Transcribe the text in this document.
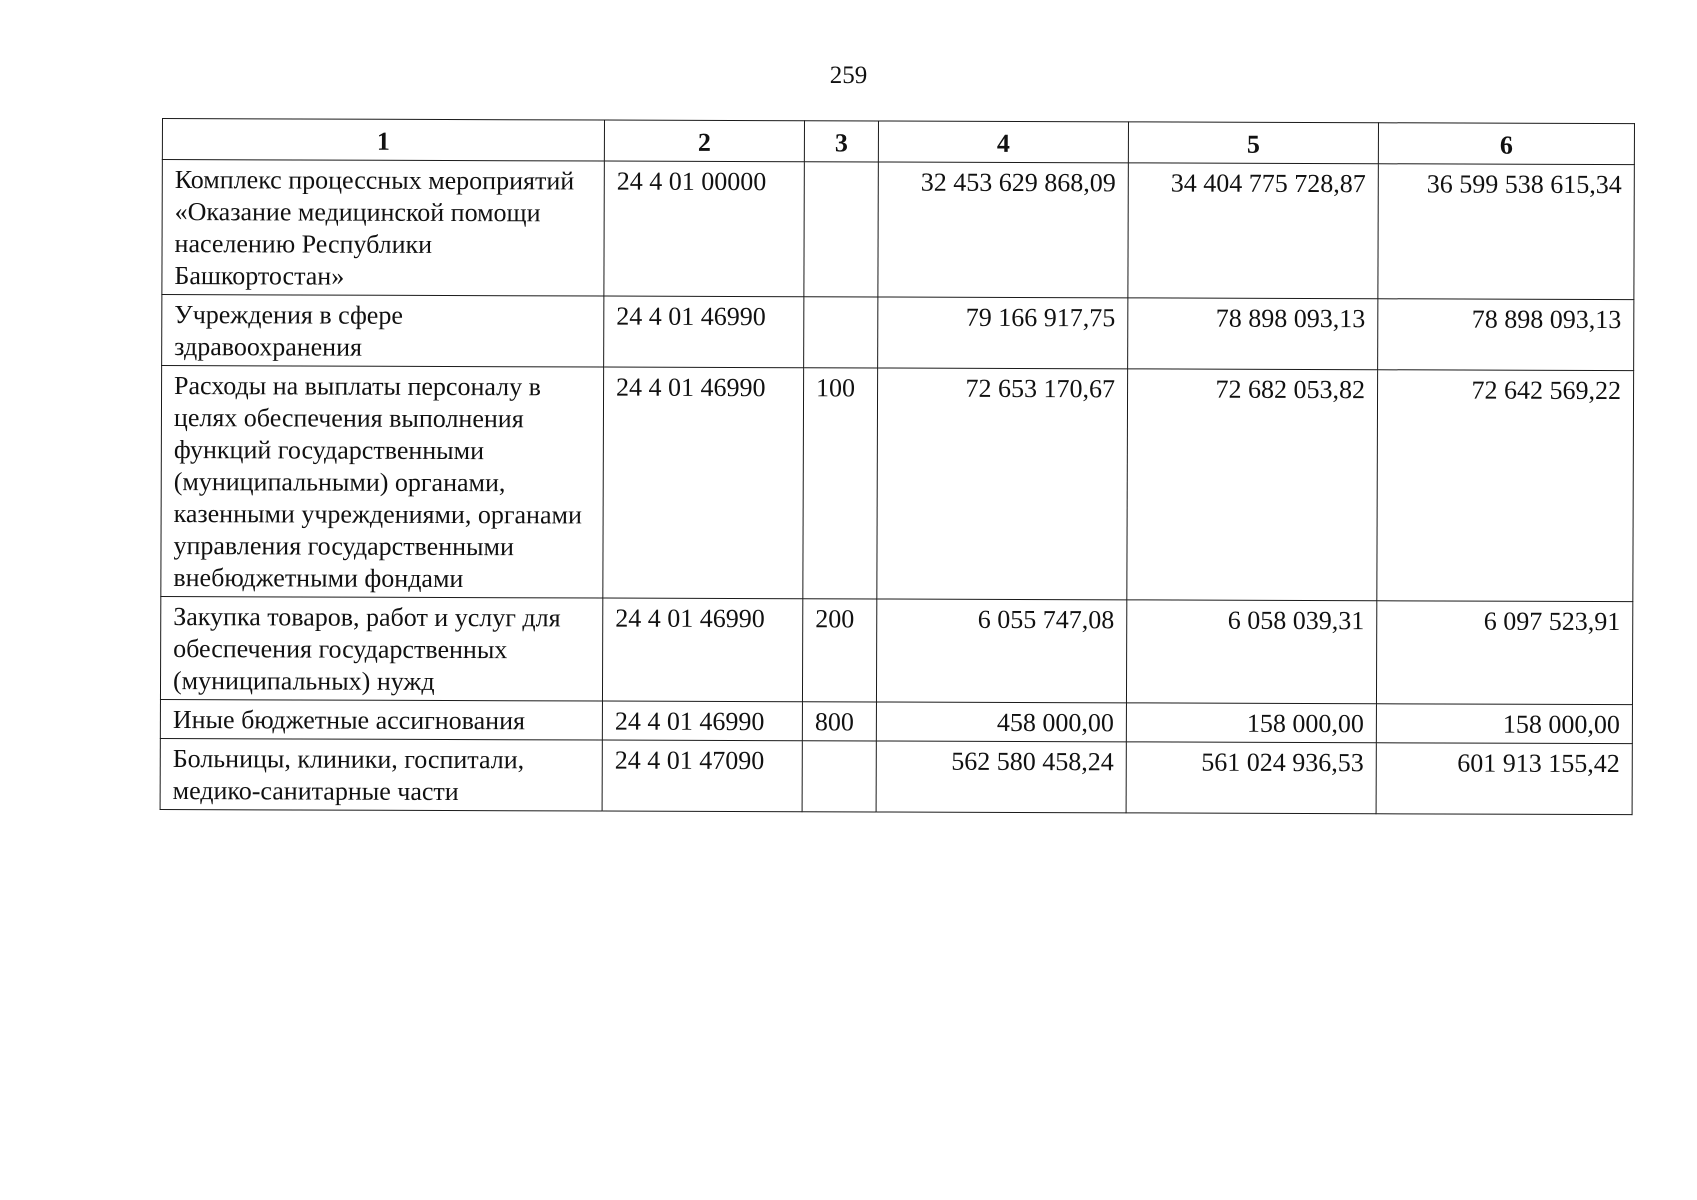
259
1	2	3	4	5	6
Комплекс процессных мероприятий «Оказание медицинской помощи населению Республики Башкортостан»	24 4 01 00000		32 453 629 868,09	34 404 775 728,87	36 599 538 615,34
Учреждения в сфере здравоохранения	24 4 01 46990		79 166 917,75	78 898 093,13	78 898 093,13
Расходы на выплаты персоналу в целях обеспечения выполнения функций государственными (муниципальными) органами, казенными учреждениями, органами управления государственными внебюджетными фондами	24 4 01 46990	100	72 653 170,67	72 682 053,82	72 642 569,22
Закупка товаров, работ и услуг для обеспечения государственных (муниципальных) нужд	24 4 01 46990	200	6 055 747,08	6 058 039,31	6 097 523,91
Иные бюджетные ассигнования	24 4 01 46990	800	458 000,00	158 000,00	158 000,00
Больницы, клиники, госпитали, медико-санитарные части	24 4 01 47090		562 580 458,24	561 024 936,53	601 913 155,42
